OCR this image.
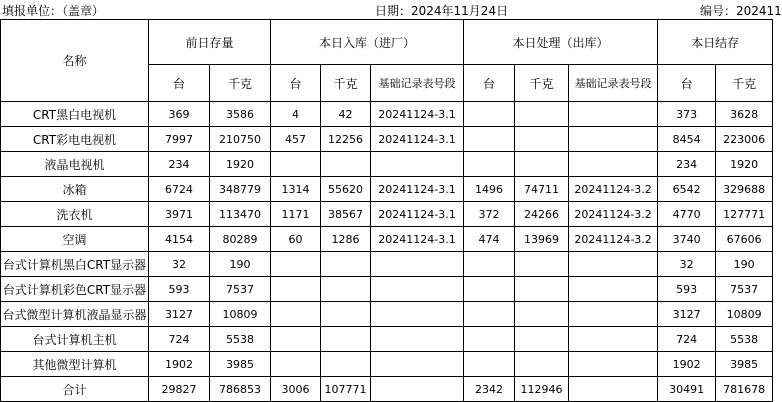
填报单位：（盖章）	日期：2024年11月24日	编号：202411
名称	前日存量		本日入库（进厂）			本日处理（出库）			本日结存	
	台	千克	台	千克	基础记录表号段	台	千克	基础记录表号段	台	千克
CRT黑白电视机	369	3586	4	42	20241124-3.1				373	3628
CRT彩电电视机	7997	210750	457	12256	20241124-3.1				8454	223006
液晶电视机	234	1920							234	1920
冰箱	6724	348779	1314	55620	20241124-3.1	1496	74711	20241124-3.2	6542	329688
洗衣机	3971	113470	1171	38567	20241124-3.1	372	24266	20241124-3.2	4770	127771
空调	4154	80289	60	1286	20241124-3.1	474	13969	20241124-3.2	3740	67606
台式计算机黑白CRT显示器	32	190							32	190
台式计算机彩色CRT显示器	593	7537							593	7537
台式微型计算机液晶显示器	3127	10809							3127	10809
台式计算机主机	724	5538							724	5538
其他微型计算机	1902	3985							1902	3985
合计	29827	786853	3006	107771		2342	112946		30491	781678
